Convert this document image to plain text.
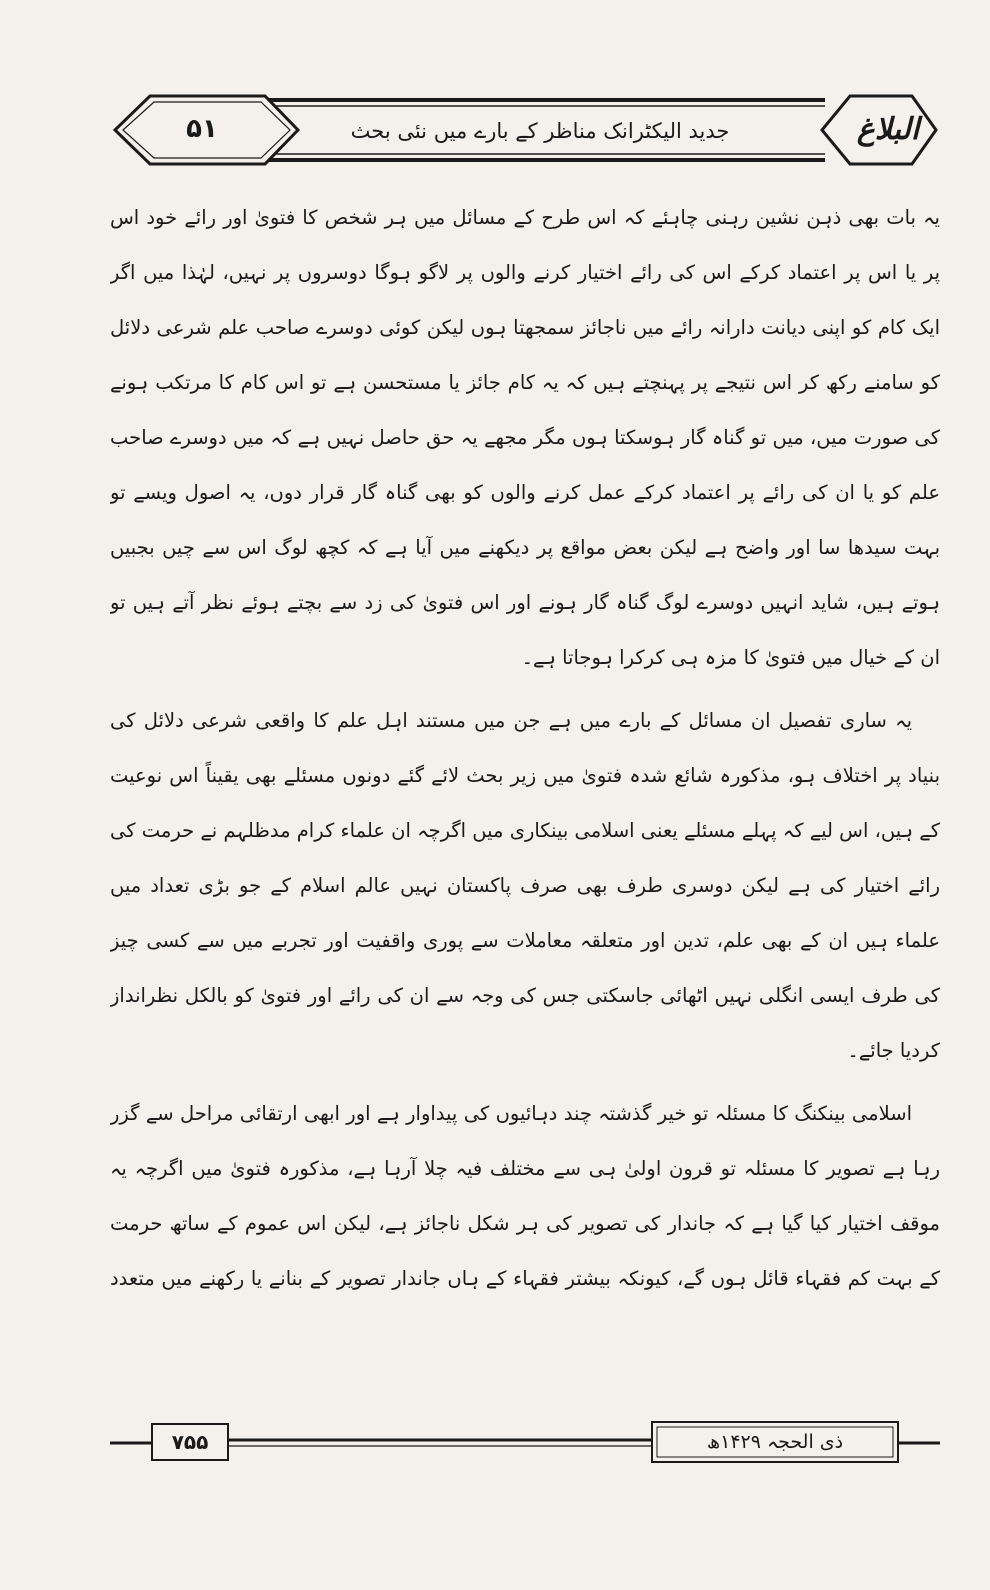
۵۱	جدید الیکٹرانک مناظر کے بارے میں نئی بحث	البلاغ

یہ بات بھی ذہن نشین رہنی چاہئے کہ اس طرح کے مسائل میں ہر شخص کا فتویٰ اور رائے خود اس پر یا اس پر اعتماد کرکے اس کی رائے اختیار کرنے والوں پر لاگو ہوگا دوسروں پر نہیں، لہٰذا میں اگر ایک کام کو اپنی دیانت دارانہ رائے میں ناجائز سمجھتا ہوں لیکن کوئی دوسرے صاحب علم شرعی دلائل کو سامنے رکھ کر اس نتیجے پر پہنچتے ہیں کہ یہ کام جائز یا مستحسن ہے تو اس کام کا مرتکب ہونے کی صورت میں، میں تو گناہ گار ہوسکتا ہوں مگر مجھے یہ حق حاصل نہیں ہے کہ میں دوسرے صاحب علم کو یا ان کی رائے پر اعتماد کرکے عمل کرنے والوں کو بھی گناہ گار قرار دوں، یہ اصول ویسے تو بہت سیدھا سا اور واضح ہے لیکن بعض مواقع پر دیکھنے میں آیا ہے کہ کچھ لوگ اس سے چیں بجبیں ہوتے ہیں، شاید انہیں دوسرے لوگ گناہ گار ہونے اور اس فتویٰ کی زد سے بچتے ہوئے نظر آتے ہیں تو ان کے خیال میں فتویٰ کا مزہ ہی کرکرا ہوجاتا ہے۔

یہ ساری تفصیل ان مسائل کے بارے میں ہے جن میں مستند اہل علم کا واقعی شرعی دلائل کی بنیاد پر اختلاف ہو، مذکورہ شائع شدہ فتویٰ میں زیر بحث لائے گئے دونوں مسئلے بھی یقیناً اس نوعیت کے ہیں، اس لیے کہ پہلے مسئلے یعنی اسلامی بینکاری میں اگرچہ ان علماء کرام مدظلہم نے حرمت کی رائے اختیار کی ہے لیکن دوسری طرف بھی صرف پاکستان نہیں عالم اسلام کے جو بڑی تعداد میں علماء ہیں ان کے بھی علم، تدین اور متعلقہ معاملات سے پوری واقفیت اور تجربے میں سے کسی چیز کی طرف ایسی انگلی نہیں اٹھائی جاسکتی جس کی وجہ سے ان کی رائے اور فتویٰ کو بالکل نظرانداز کردیا جائے۔

اسلامی بینکنگ کا مسئلہ تو خیر گذشتہ چند دہائیوں کی پیداوار ہے اور ابھی ارتقائی مراحل سے گزر رہا ہے تصویر کا مسئلہ تو قرون اولیٰ ہی سے مختلف فیہ چلا آرہا ہے، مذکورہ فتویٰ میں اگرچہ یہ موقف اختیار کیا گیا ہے کہ جاندار کی تصویر کی ہر شکل ناجائز ہے، لیکن اس عموم کے ساتھ حرمت کے بہت کم فقہاء قائل ہوں گے، کیونکہ بیشتر فقہاء کے ہاں جاندار تصویر کے بنانے یا رکھنے میں متعدد

۷۵۵	ذی الحجہ ۱۴۲۹ھ
